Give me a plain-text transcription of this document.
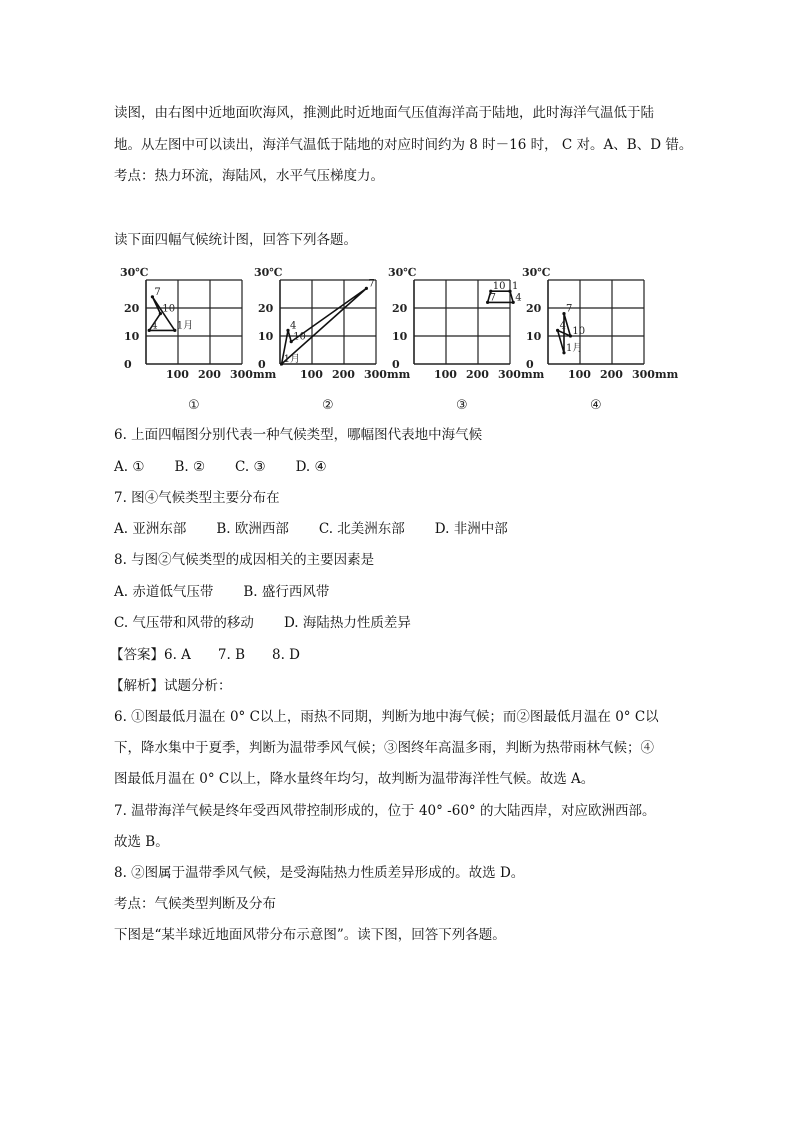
读图，由右图中近地面吹海风，推测此时近地面气压值海洋高于陆地，此时海洋气温低于陆
地。从左图中可以读出，海洋气温低于陆地的对应时间约为 8 时－16 时， C 对。A、B、D 错。
考点：热力环流，海陆风，水平气压梯度力。
读下面四幅气候统计图，回答下列各题。
30℃
20
10
0
100 200 300mm
7
10
4 1月
①
30℃
20
10
0
100 200 300mm
1月
4
10
7
②
30℃
20
10
0
100 200 300mm
7
10 1
4
③
30℃
20
10
0
100 200 300mm
7
10
4
1月
④
6. 上面四幅图分别代表一种气候类型，哪幅图代表地中海气候
A. ① B. ② C. ③ D. ④
7. 图④气候类型主要分布在
A. 亚洲东部 B. 欧洲西部 C. 北美洲东部 D. 非洲中部
8. 与图②气候类型的成因相关的主要因素是
A. 赤道低气压带 B. 盛行西风带
C. 气压带和风带的移动 D. 海陆热力性质差异
【答案】6. A　　7. B　　8. D
【解析】试题分析：
6. ①图最低月温在 0° C以上，雨热不同期，判断为地中海气候；而②图最低月温在 0° C以
下，降水集中于夏季，判断为温带季风气候；③图终年高温多雨，判断为热带雨林气候；④
图最低月温在 0° C以上，降水量终年均匀，故判断为温带海洋性气候。故选 A。
7. 温带海洋气候是终年受西风带控制形成的，位于 40° -60° 的大陆西岸，对应欧洲西部。
故选 B。
8. ②图属于温带季风气候，是受海陆热力性质差异形成的。故选 D。
考点：气候类型判断及分布
下图是“某半球近地面风带分布示意图”。读下图，回答下列各题。
